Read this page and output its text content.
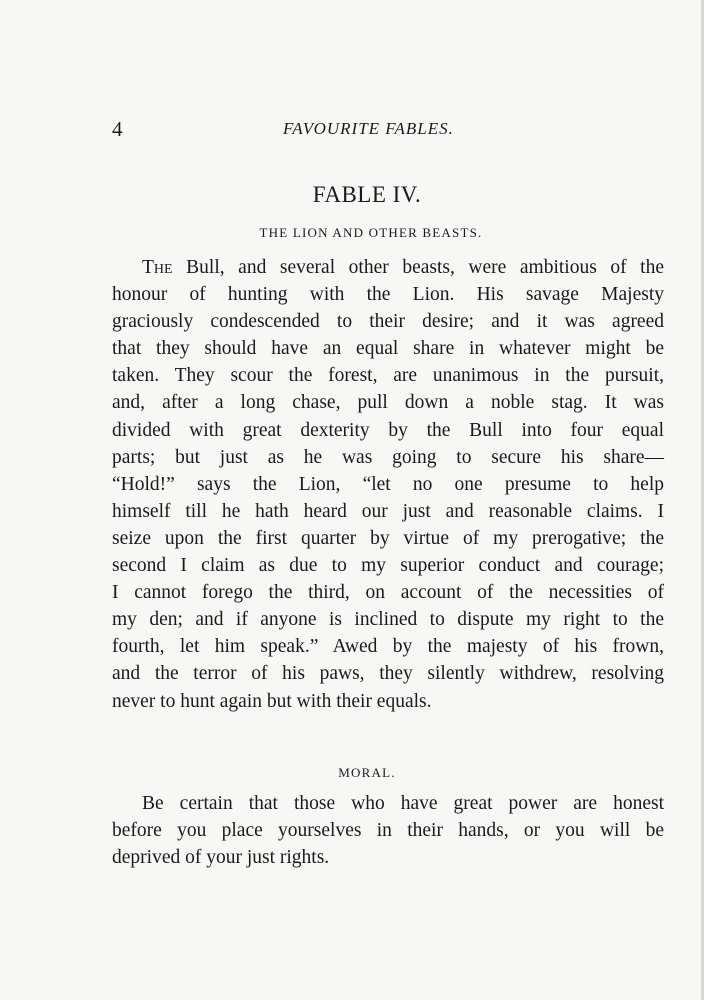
4	FAVOURITE FABLES.
FABLE IV.
THE LION AND OTHER BEASTS.
The Bull, and several other beasts, were ambitious of the
honour of hunting with the Lion. His savage Majesty
graciously condescended to their desire; and it was agreed
that they should have an equal share in whatever might be
taken. They scour the forest, are unanimous in the pursuit,
and, after a long chase, pull down a noble stag. It was
divided with great dexterity by the Bull into four equal
parts; but just as he was going to secure his share—
“Hold!” says the Lion, “let no one presume to help
himself till he hath heard our just and reasonable claims. I
seize upon the first quarter by virtue of my prerogative; the
second I claim as due to my superior conduct and courage;
I cannot forego the third, on account of the necessities of
my den; and if anyone is inclined to dispute my right to the
fourth, let him speak.” Awed by the majesty of his frown,
and the terror of his paws, they silently withdrew, resolving
never to hunt again but with their equals.
MORAL.
Be certain that those who have great power are honest
before you place yourselves in their hands, or you will be
deprived of your just rights.
